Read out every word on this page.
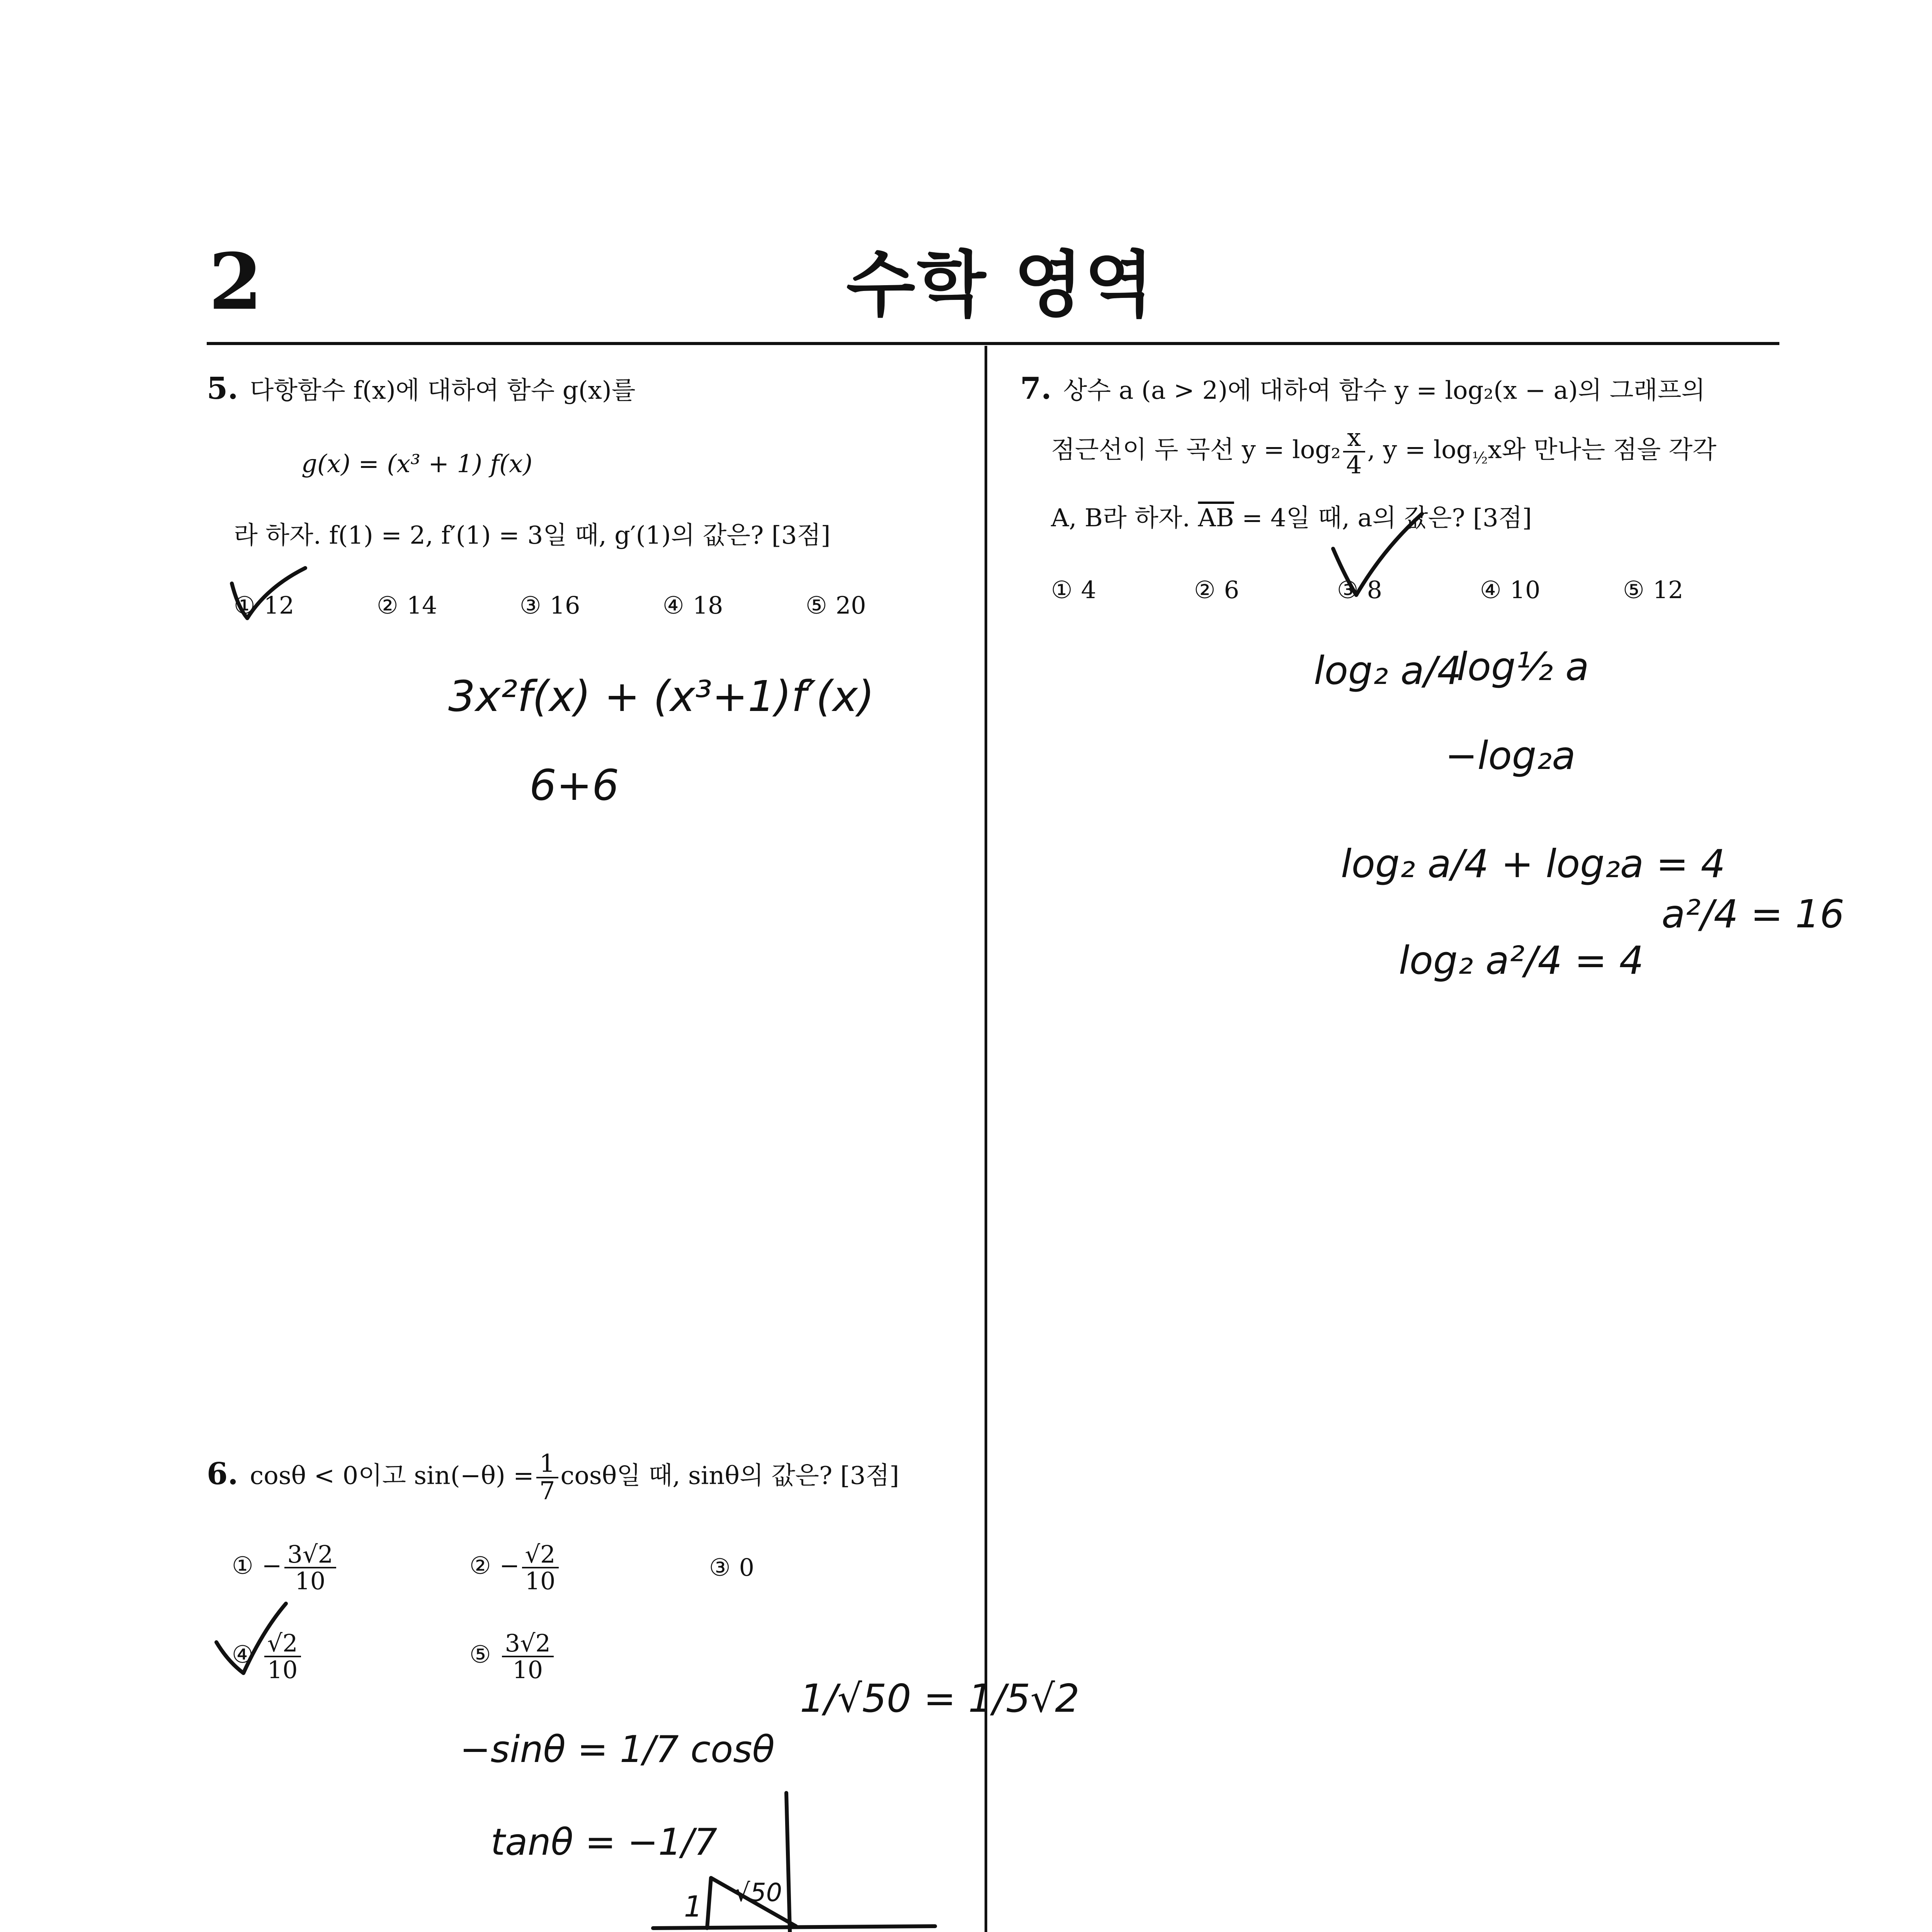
2	수학 영역
5. 다항함수 f(x)에 대하여 함수 g(x)를
g(x) = (x³ + 1) f(x)
라 하자. f(1) = 2, f′(1) = 3일 때, g′(1)의 값은? [3점]
① 12	② 14	③ 16	④ 18	⑤ 20
6. cosθ < 0이고 $\sin(-\theta) = \frac{1}{7}$ cosθ일 때, sinθ의 값은? [3점]
① − $\frac{3√2}{10}$	② − $\frac{√2}{10}$	③ 0
④ $\frac{√2}{10}$	⑤ $\frac{3√2}{10}$
7. 상수 a (a > 2)에 대하여 함수 y = log₂(x − a)의 그래프의
점근선이 두 곡선 $y = \log_2 \frac{x}{4}$ , $y = \log_{\frac{1}{2}}x$와 만나는 점을 각각
A, B라 하자. $\overline{AB} = 4$일 때, a의 값은? [3점]
① 4	② 6	③ 8	④ 10	⑤ 12
3x²f(x) + (x³+1)f′(x)
6+6
−sinθ = 1/7 cosθ
tanθ = −1/7
1/√50 = 1/5√2
1 √50
log₂ a/4
log½ a
−log₂a
log₂ a/4 + log₂a = 4
log₂ a²/4 = 4
a²/4 = 16
